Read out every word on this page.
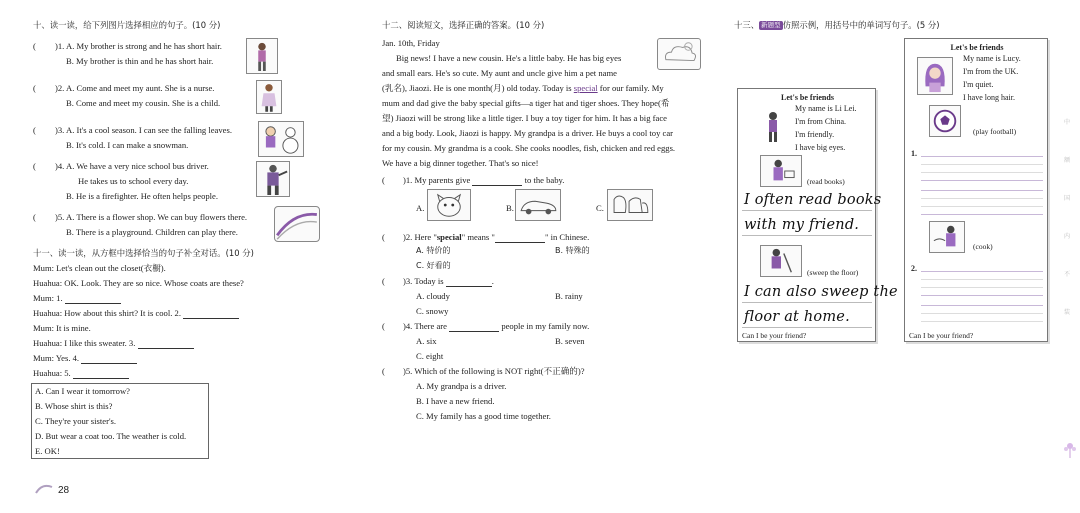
十、读一读，给下列图片选择相应的句子。(10 分)
( )1. A. My brother is strong and he has short hair.
B. My brother is thin and he has short hair.
( )2. A. Come and meet my aunt. She is a nurse.
B. Come and meet my cousin. She is a child.
( )3. A. It's a cool season. I can see the falling leaves.
B. It's cold. I can make a snowman.
( )4. A. We have a very nice school bus driver.
He takes us to school every day.
B. He is a firefighter. He often helps people.
( )5. A. There is a flower shop. We can buy flowers there.
B. There is a playground. Children can play there.
十一、读一读，从方框中选择恰当的句子补全对话。(10 分)
Mum: Let's clean out the closet(衣橱).
Huahua: OK. Look. They are so nice. Whose coats are these?
Mum: 1.
Huahua: How about this shirt? It is cool. 2.
Mum: It is mine.
Huahua: I like this sweater. 3.
Mum: Yes. 4.
Huahua: 5.
A. Can I wear it tomorrow?
B. Whose shirt is this?
C. They're your sister's.
D. But wear a coat too. The weather is cold.
E. OK!
28
十二、阅读短文，选择正确的答案。(10 分)
Jan. 10th, Friday
Big news! I have a new cousin. He's a little baby. He has big eyes
and small ears. He's so cute. My aunt and uncle give him a pet name
(乳名), Jiaozi. He is one month(月) old today. Today is special for our family. My
mum and dad give the baby special gifts—a tiger hat and tiger shoes. They hope(希
望) Jiaozi will be strong like a little tiger. I buy a toy tiger for him. It has a big face
and a big body. Look, Jiaozi is happy. My grandpa is a driver. He buys a cool toy car
for my cousin. My grandma is a cook. She cooks noodles, fish, chicken and red eggs.
We have a big dinner together. That's so nice!
( )1. My parents give	to the baby.
A.	B.	C.
( )2. Here "special" means "	" in Chinese.
A. 特价的	B. 特殊的
C. 好看的
( )3. Today is	.
A. cloudy	B. rainy
C. snowy
( )4. There are	people in my family now.
A. six	B. seven
C. eight
( )5. Which of the following is NOT right(不正确的)?
A. My grandpa is a driver.
B. I have a new friend.
C. My family has a good time together.
十三、 新题型 仿照示例，用括号中的单词写句子。(5 分)
Let's be friends
My name is Li Lei.
I'm from China.
I'm friendly.
I have big eyes.
(read books)
I often read books
with my friend.
(sweep the floor)
I can also sweep the
floor at home.
Can I be your friend?
Let's be friends
My name is Lucy.
I'm from the UK.
I'm quiet.
I have long hair.
(play football)
1.
(cook)
2.
Can I be your friend?
中
额
国
内
不
装
